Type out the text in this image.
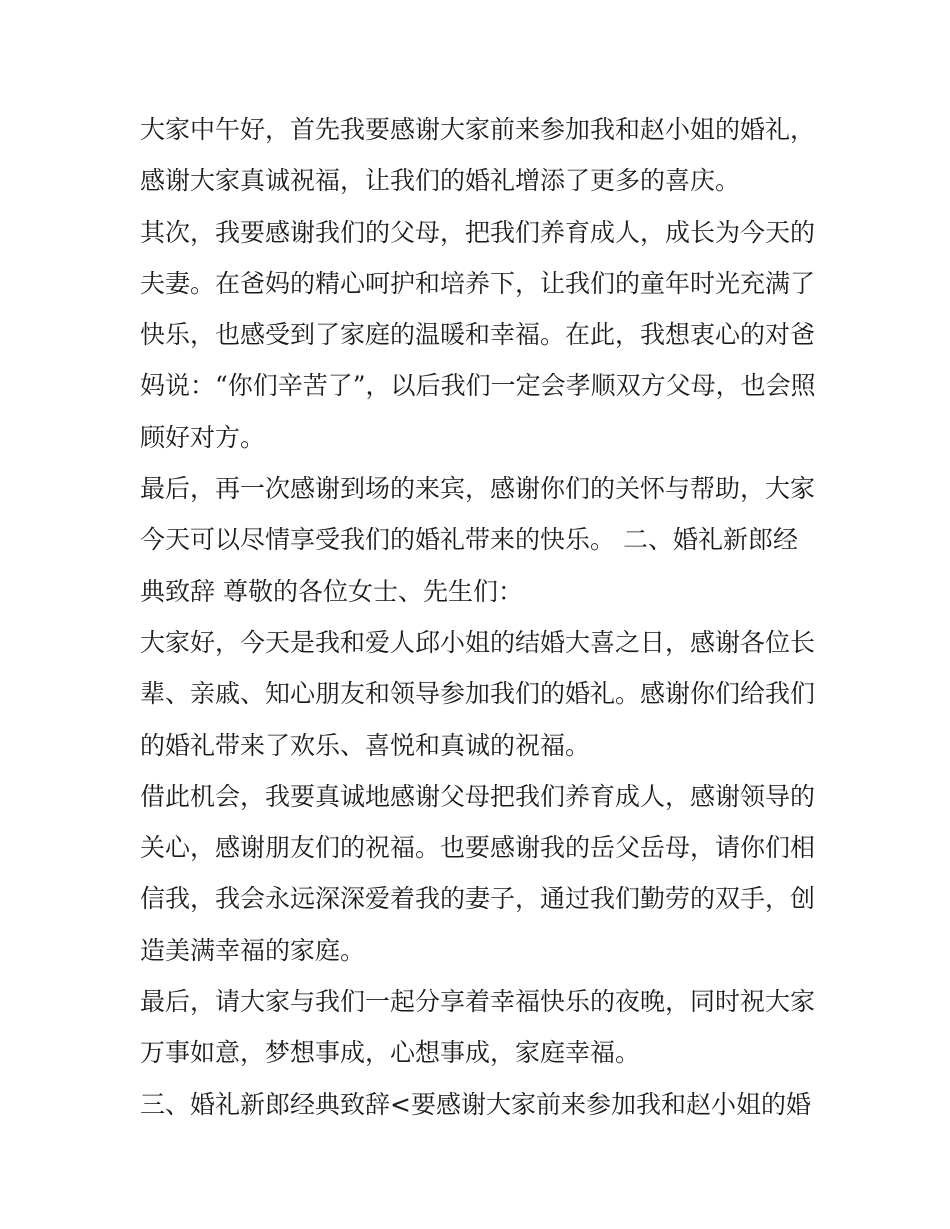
大家中午好，首先我要感谢大家前来参加我和赵小姐的婚礼，
感谢大家真诚祝福，让我们的婚礼增添了更多的喜庆。
其次，我要感谢我们的父母，把我们养育成人，成长为今天的
夫妻。在爸妈的精心呵护和培养下，让我们的童年时光充满了
快乐，也感受到了家庭的温暖和幸福。在此，我想衷心的对爸
妈说：“你们辛苦了”，以后我们一定会孝顺双方父母，也会照
顾好对方。
最后，再一次感谢到场的来宾，感谢你们的关怀与帮助，大家
今天可以尽情享受我们的婚礼带来的快乐。 二、婚礼新郎经
典致辞 尊敬的各位女士、先生们：
大家好，今天是我和爱人邱小姐的结婚大喜之日，感谢各位长
辈、亲戚、知心朋友和领导参加我们的婚礼。感谢你们给我们
的婚礼带来了欢乐、喜悦和真诚的祝福。
借此机会，我要真诚地感谢父母把我们养育成人，感谢领导的
关心，感谢朋友们的祝福。也要感谢我的岳父岳母，请你们相
信我，我会永远深深爱着我的妻子，通过我们勤劳的双手，创
造美满幸福的家庭。
最后，请大家与我们一起分享着幸福快乐的夜晚，同时祝大家
万事如意，梦想事成，心想事成，家庭幸福。
三、婚礼新郎经典致辞<要感谢大家前来参加我和赵小姐的婚
